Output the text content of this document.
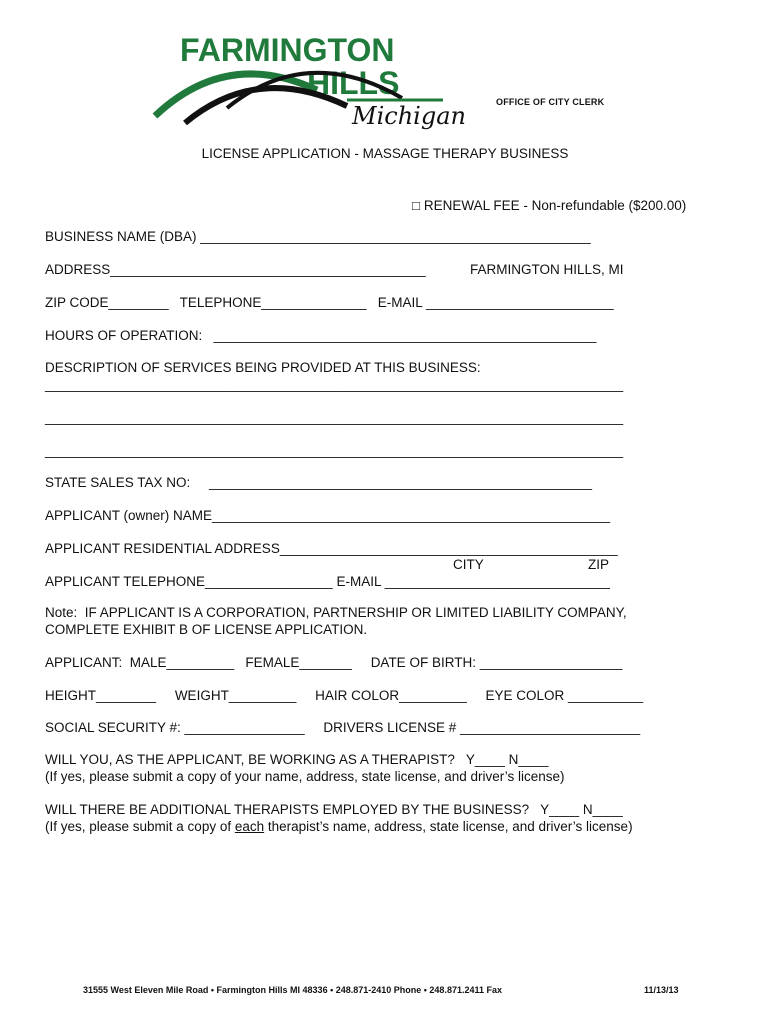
FARMINGTON
HILLS
Michigan	OFFICE OF CITY CLERK
LICENSE APPLICATION - MASSAGE THERAPY BUSINESS
□ RENEWAL FEE - Non-refundable ($200.00)
BUSINESS NAME (DBA) ____________________________________________________
ADDRESS__________________________________________	FARMINGTON HILLS, MI
ZIP CODE________   TELEPHONE______________   E-MAIL _________________________
HOURS OF OPERATION:   ___________________________________________________
DESCRIPTION OF SERVICES BEING PROVIDED AT THIS BUSINESS:
_____________________________________________________________________________
_____________________________________________________________________________
_____________________________________________________________________________
STATE SALES TAX NO:     ___________________________________________________
APPLICANT (owner) NAME_____________________________________________________
APPLICANT RESIDENTIAL ADDRESS_____________________________________________
CITY	ZIP
APPLICANT TELEPHONE_________________ E-MAIL ______________________________
Note:  IF APPLICANT IS A CORPORATION, PARTNERSHIP OR LIMITED LIABILITY COMPANY,
COMPLETE EXHIBIT B OF LICENSE APPLICATION.
APPLICANT:  MALE_________   FEMALE_______     DATE OF BIRTH: ___________________
HEIGHT________     WEIGHT_________     HAIR COLOR_________     EYE COLOR __________
SOCIAL SECURITY #: ________________     DRIVERS LICENSE # ________________________
WILL YOU, AS THE APPLICANT, BE WORKING AS A THERAPIST?   Y____ N____
(If yes, please submit a copy of your name, address, state license, and driver’s license)
WILL THERE BE ADDITIONAL THERAPISTS EMPLOYED BY THE BUSINESS?   Y____ N____
(If yes, please submit a copy of each therapist’s name, address, state license, and driver’s license)
31555 West Eleven Mile Road • Farmington Hills MI 48336 • 248.871-2410 Phone • 248.871.2411 Fax	11/13/13
